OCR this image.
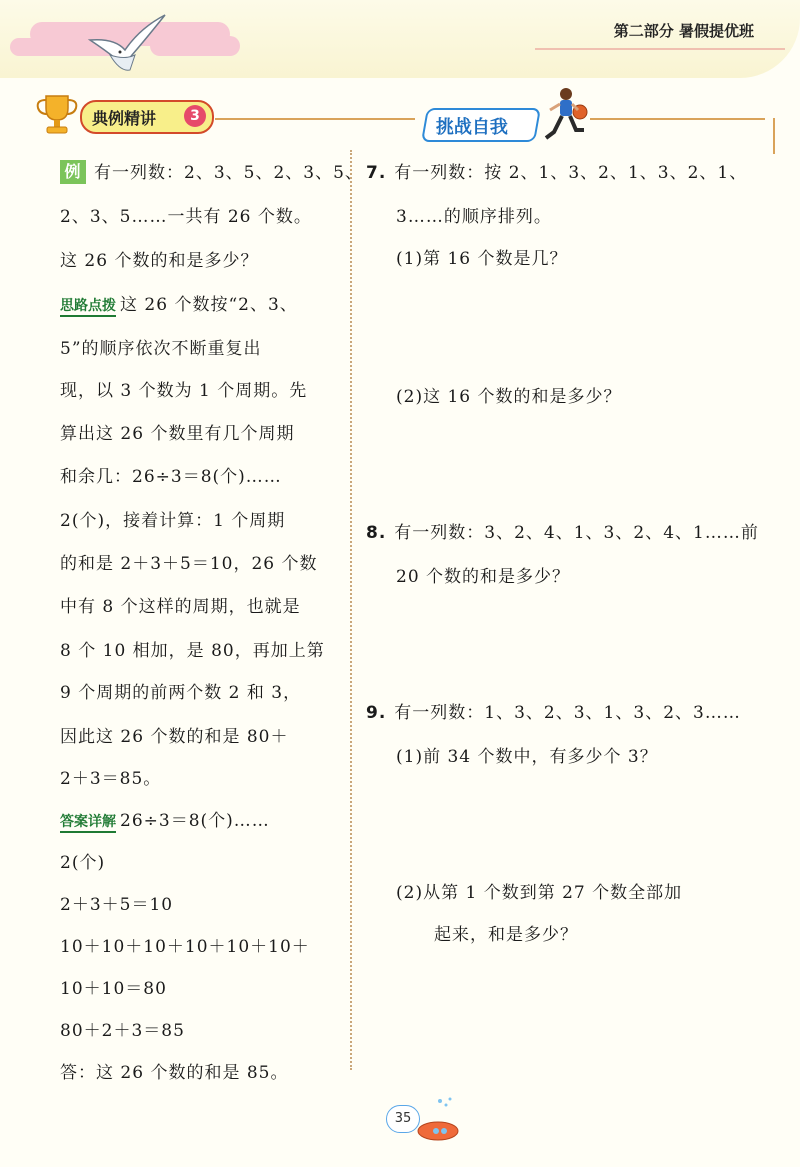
第二部分 暑假提优班
典例精讲	3
挑战自我
例 有一列数：2、3、5、2、3、5、
2、3、5……一共有 26 个数。
这 26 个数的和是多少？
思路点拨 这 26 个数按“2、3、
5”的顺序依次不断重复出
现，以 3 个数为 1 个周期。先
算出这 26 个数里有几个周期
和余几：26÷3＝8(个)……
2(个)，接着计算：1 个周期
的和是 2＋3＋5＝10，26 个数
中有 8 个这样的周期，也就是
8 个 10 相加，是 80，再加上第
9 个周期的前两个数 2 和 3，
因此这 26 个数的和是 80＋
2＋3＝85。
答案详解 26÷3＝8(个)……
2(个)
2＋3＋5＝10
10＋10＋10＋10＋10＋10＋
10＋10＝80
80＋2＋3＝85
答：这 26 个数的和是 85。
7. 有一列数：按 2、1、3、2、1、3、2、1、
3……的顺序排列。
(1)第 16 个数是几？
(2)这 16 个数的和是多少？
8. 有一列数：3、2、4、1、3、2、4、1……前
20 个数的和是多少？
9. 有一列数：1、3、2、3、1、3、2、3……
(1)前 34 个数中，有多少个 3？
(2)从第 1 个数到第 27 个数全部加
起来，和是多少？
35
